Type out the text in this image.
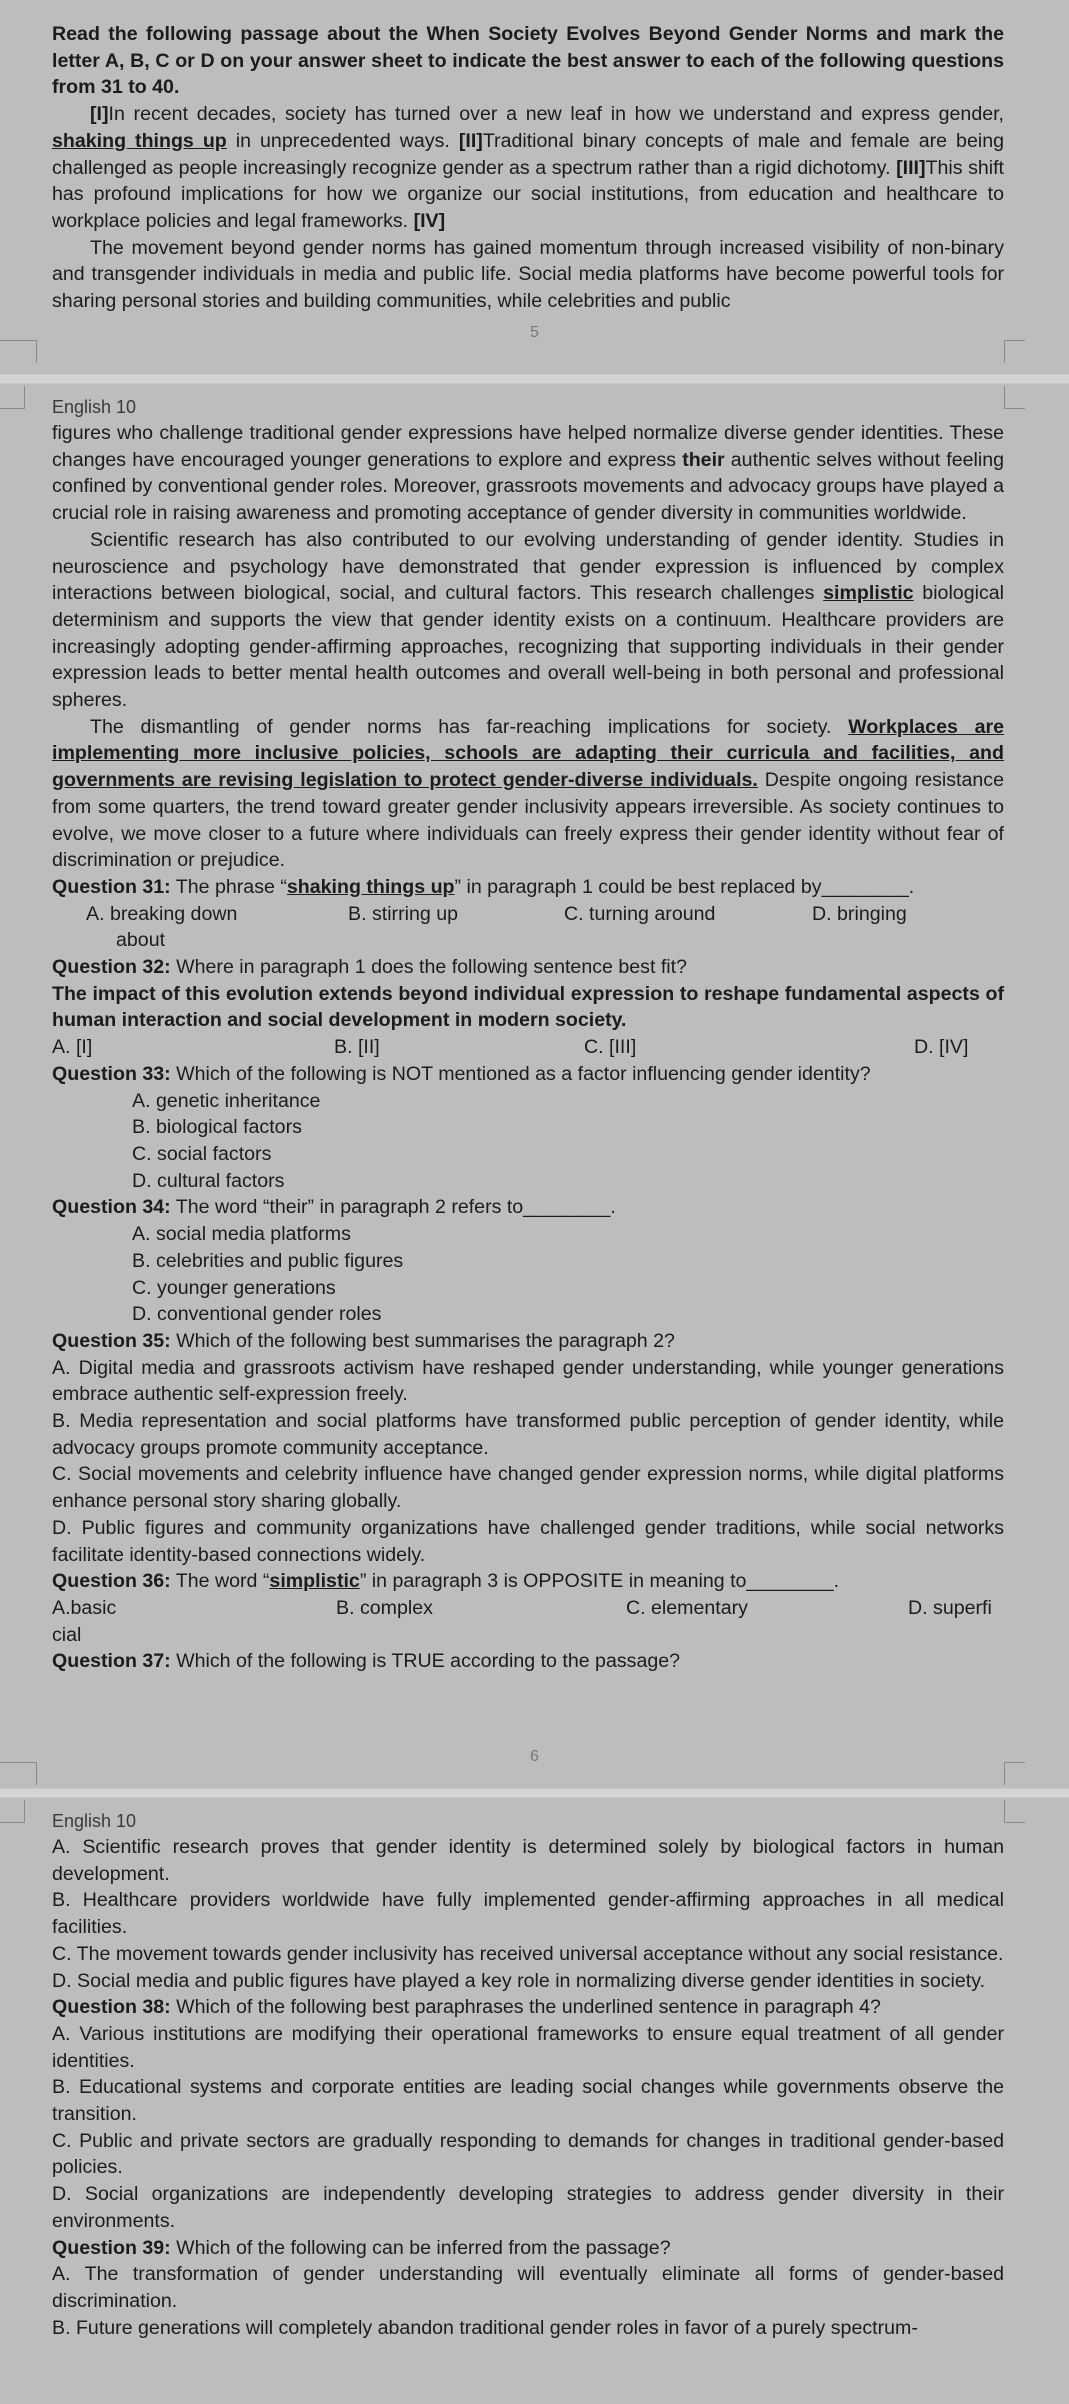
Read the following passage about the When Society Evolves Beyond Gender Norms and mark the letter A, B, C or D on your answer sheet to indicate the best answer to each of the following questions from 31 to 40.

[I]In recent decades, society has turned over a new leaf in how we understand and express gender, shaking things up in unprecedented ways. [II]Traditional binary concepts of male and female are being challenged as people increasingly recognize gender as a spectrum rather than a rigid dichotomy. [III]This shift has profound implications for how we organize our social institutions, from education and healthcare to workplace policies and legal frameworks. [IV]

The movement beyond gender norms has gained momentum through increased visibility of non-binary and transgender individuals in media and public life. Social media platforms have become powerful tools for sharing personal stories and building communities, while celebrities and public

5
English 10

figures who challenge traditional gender expressions have helped normalize diverse gender identities. These changes have encouraged younger generations to explore and express their authentic selves without feeling confined by conventional gender roles. Moreover, grassroots movements and advocacy groups have played a crucial role in raising awareness and promoting acceptance of gender diversity in communities worldwide.

Scientific research has also contributed to our evolving understanding of gender identity. Studies in neuroscience and psychology have demonstrated that gender expression is influenced by complex interactions between biological, social, and cultural factors. This research challenges simplistic biological determinism and supports the view that gender identity exists on a continuum. Healthcare providers are increasingly adopting gender-affirming approaches, recognizing that supporting individuals in their gender expression leads to better mental health outcomes and overall well-being in both personal and professional spheres.

The dismantling of gender norms has far-reaching implications for society. Workplaces are implementing more inclusive policies, schools are adapting their curricula and facilities, and governments are revising legislation to protect gender-diverse individuals. Despite ongoing resistance from some quarters, the trend toward greater gender inclusivity appears irreversible. As society continues to evolve, we move closer to a future where individuals can freely express their gender identity without fear of discrimination or prejudice.

Question 31: The phrase “shaking things up” in paragraph 1 could be best replaced by________.

A. breaking down	B. stirring up	C. turning around	D. bringing

about

Question 32: Where in paragraph 1 does the following sentence best fit?

The impact of this evolution extends beyond individual expression to reshape fundamental aspects of human interaction and social development in modern society.

A. [I]	B. [II]	C. [III]	D. [IV]

Question 33: Which of the following is NOT mentioned as a factor influencing gender identity?

A. genetic inheritance

B. biological factors

C. social factors

D. cultural factors

Question 34: The word “their” in paragraph 2 refers to________.

A. social media platforms

B. celebrities and public figures

C. younger generations

D. conventional gender roles

Question 35: Which of the following best summarises the paragraph 2?

A. Digital media and grassroots activism have reshaped gender understanding, while younger generations embrace authentic self-expression freely.

B. Media representation and social platforms have transformed public perception of gender identity, while advocacy groups promote community acceptance.

C. Social movements and celebrity influence have changed gender expression norms, while digital platforms enhance personal story sharing globally.

D. Public figures and community organizations have challenged gender traditions, while social networks facilitate identity-based connections widely.

Question 36: The word “simplistic” in paragraph 3 is OPPOSITE in meaning to________.

A.basic	B. complex	C. elementary	D. superfi

cial

Question 37: Which of the following is TRUE according to the passage?

6
English 10

A. Scientific research proves that gender identity is determined solely by biological factors in human development.

B. Healthcare providers worldwide have fully implemented gender-affirming approaches in all medical facilities.

C. The movement towards gender inclusivity has received universal acceptance without any social resistance.

D. Social media and public figures have played a key role in normalizing diverse gender identities in society.

Question 38: Which of the following best paraphrases the underlined sentence in paragraph 4?

A. Various institutions are modifying their operational frameworks to ensure equal treatment of all gender identities.

B. Educational systems and corporate entities are leading social changes while governments observe the transition.

C. Public and private sectors are gradually responding to demands for changes in traditional gender-based policies.

D. Social organizations are independently developing strategies to address gender diversity in their environments.

Question 39: Which of the following can be inferred from the passage?

A. The transformation of gender understanding will eventually eliminate all forms of gender-based discrimination.

B. Future generations will completely abandon traditional gender roles in favor of a purely spectrum-
